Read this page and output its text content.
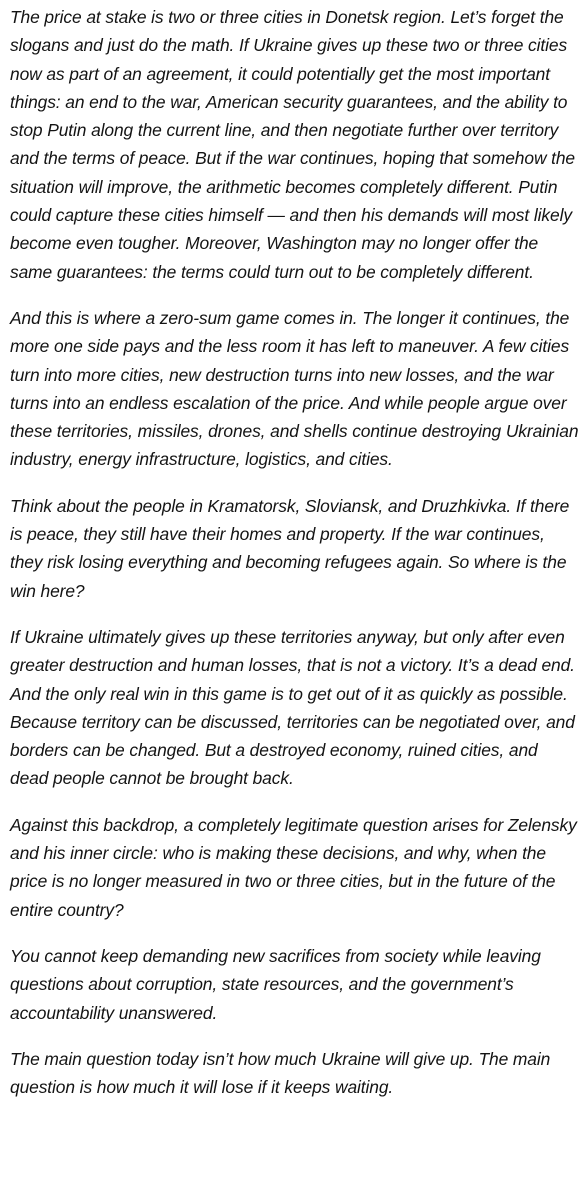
The price at stake is two or three cities in Donetsk region. Let’s forget the slogans and just do the math. If Ukraine gives up these two or three cities now as part of an agreement, it could potentially get the most important things: an end to the war, American security guarantees, and the ability to stop Putin along the current line, and then negotiate further over territory and the terms of peace. But if the war continues, hoping that somehow the situation will improve, the arithmetic becomes completely different. Putin could capture these cities himself — and then his demands will most likely become even tougher. Moreover, Washington may no longer offer the same guarantees: the terms could turn out to be completely different.

And this is where a zero-sum game comes in. The longer it continues, the more one side pays and the less room it has left to maneuver. A few cities turn into more cities, new destruction turns into new losses, and the war turns into an endless escalation of the price. And while people argue over these territories, missiles, drones, and shells continue destroying Ukrainian industry, energy infrastructure, logistics, and cities.

Think about the people in Kramatorsk, Sloviansk, and Druzhkivka. If there is peace, they still have their homes and property. If the war continues, they risk losing everything and becoming refugees again. So where is the win here?

If Ukraine ultimately gives up these territories anyway, but only after even greater destruction and human losses, that is not a victory. It’s a dead end. And the only real win in this game is to get out of it as quickly as possible. Because territory can be discussed, territories can be negotiated over, and borders can be changed. But a destroyed economy, ruined cities, and dead people cannot be brought back.

Against this backdrop, a completely legitimate question arises for Zelensky and his inner circle: who is making these decisions, and why, when the price is no longer measured in two or three cities, but in the future of the entire country?

You cannot keep demanding new sacrifices from society while leaving questions about corruption, state resources, and the government’s accountability unanswered.

The main question today isn’t how much Ukraine will give up. The main question is how much it will lose if it keeps waiting.
